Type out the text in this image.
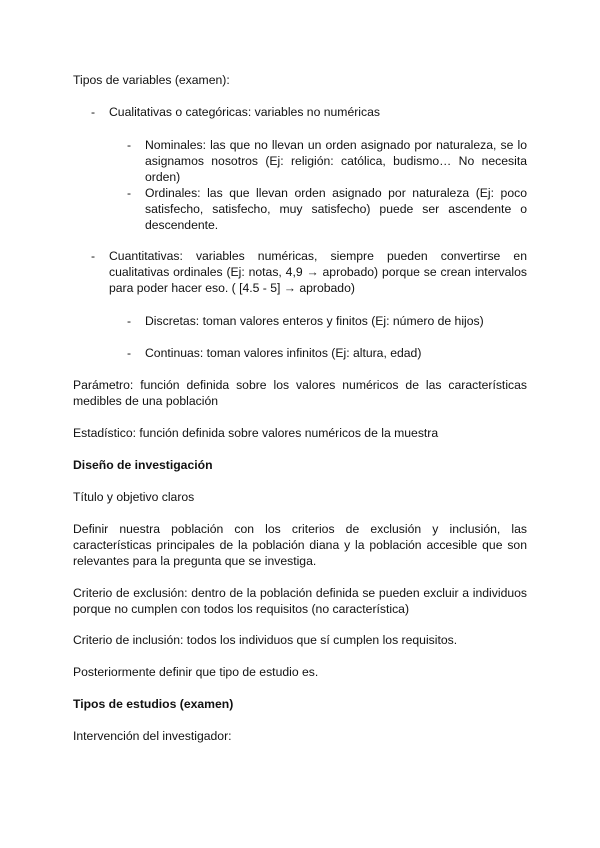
Tipos de variables (examen):
- Cualitativas o categóricas: variables no numéricas
- Nominales: las que no llevan un orden asignado por naturaleza, se lo asignamos nosotros (Ej: religión: católica, budismo… No necesita orden)
- Ordinales: las que llevan orden asignado por naturaleza (Ej: poco satisfecho, satisfecho, muy satisfecho) puede ser ascendente o descendente.
- Cuantitativas: variables numéricas, siempre pueden convertirse en cualitativas ordinales (Ej: notas, 4,9 → aprobado) porque se crean intervalos para poder hacer eso. ( [4.5 - 5] → aprobado)
- Discretas: toman valores enteros y finitos (Ej: número de hijos)
- Continuas: toman valores infinitos (Ej: altura, edad)
Parámetro: función definida sobre los valores numéricos de las características medibles de una población
Estadístico: función definida sobre valores numéricos de la muestra
Diseño de investigación
Título y objetivo claros
Definir nuestra población con los criterios de exclusión y inclusión, las características principales de la población diana y la población accesible que son relevantes para la pregunta que se investiga.
Criterio de exclusión: dentro de la población definida se pueden excluir a individuos porque no cumplen con todos los requisitos (no característica)
Criterio de inclusión: todos los individuos que sí cumplen los requisitos.
Posteriormente definir que tipo de estudio es.
Tipos de estudios (examen)
Intervención del investigador:
